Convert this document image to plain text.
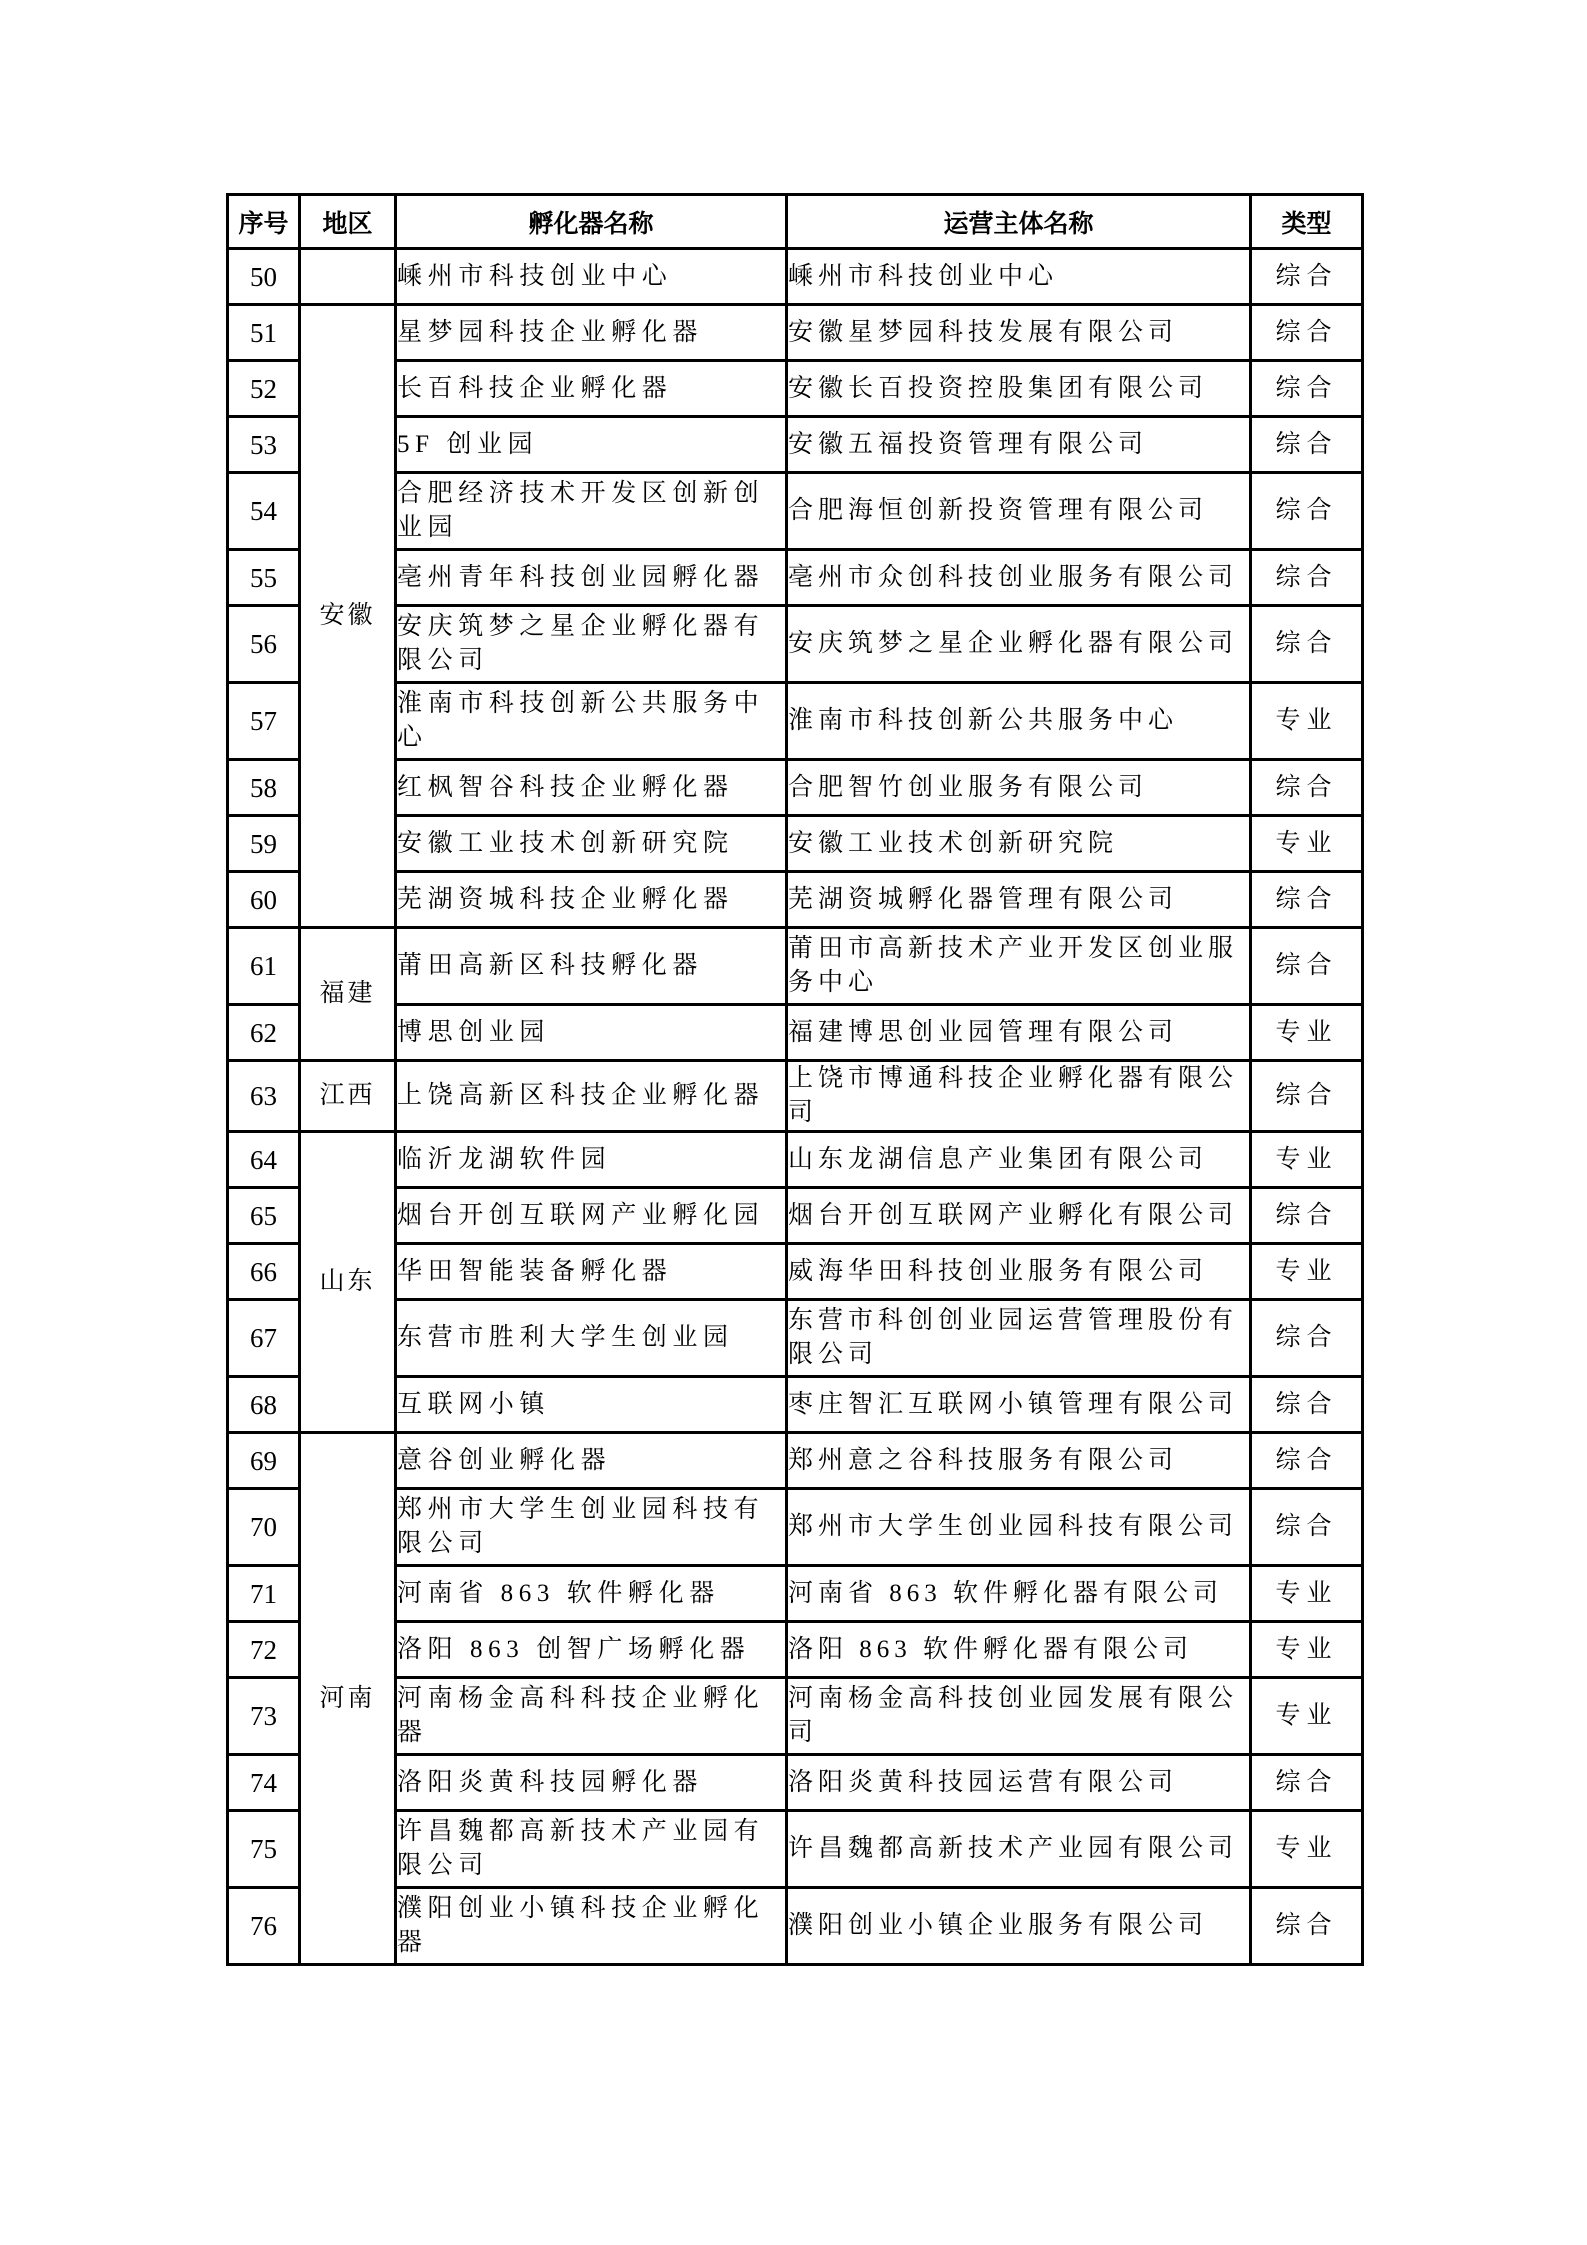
序号	地区	孵化器名称	运营主体名称	类型
50		嵊州市科技创业中心	嵊州市科技创业中心	综合
51	安徽	星梦园科技企业孵化器	安徽星梦园科技发展有限公司	综合
52		长百科技企业孵化器	安徽长百投资控股集团有限公司	综合
53		5F 创业园	安徽五福投资管理有限公司	综合
54		合肥经济技术开发区创新创业园	合肥海恒创新投资管理有限公司	综合
55		亳州青年科技创业园孵化器	亳州市众创科技创业服务有限公司	综合
56		安庆筑梦之星企业孵化器有限公司	安庆筑梦之星企业孵化器有限公司	综合
57		淮南市科技创新公共服务中心	淮南市科技创新公共服务中心	专业
58		红枫智谷科技企业孵化器	合肥智竹创业服务有限公司	综合
59		安徽工业技术创新研究院	安徽工业技术创新研究院	专业
60		芜湖资城科技企业孵化器	芜湖资城孵化器管理有限公司	综合
61	福建	莆田高新区科技孵化器	莆田市高新技术产业开发区创业服务中心	综合
62		博思创业园	福建博思创业园管理有限公司	专业
63	江西	上饶高新区科技企业孵化器	上饶市博通科技企业孵化器有限公司	综合
64	山东	临沂龙湖软件园	山东龙湖信息产业集团有限公司	专业
65		烟台开创互联网产业孵化园	烟台开创互联网产业孵化有限公司	综合
66		华田智能装备孵化器	威海华田科技创业服务有限公司	专业
67		东营市胜利大学生创业园	东营市科创创业园运营管理股份有限公司	综合
68		互联网小镇	枣庄智汇互联网小镇管理有限公司	综合
69	河南	意谷创业孵化器	郑州意之谷科技服务有限公司	综合
70		郑州市大学生创业园科技有限公司	郑州市大学生创业园科技有限公司	综合
71		河南省 863 软件孵化器	河南省 863 软件孵化器有限公司	专业
72		洛阳 863 创智广场孵化器	洛阳 863 软件孵化器有限公司	专业
73		河南杨金高科科技企业孵化器	河南杨金高科技创业园发展有限公司	专业
74		洛阳炎黄科技园孵化器	洛阳炎黄科技园运营有限公司	综合
75		许昌魏都高新技术产业园有限公司	许昌魏都高新技术产业园有限公司	专业
76		濮阳创业小镇科技企业孵化器	濮阳创业小镇企业服务有限公司	综合
